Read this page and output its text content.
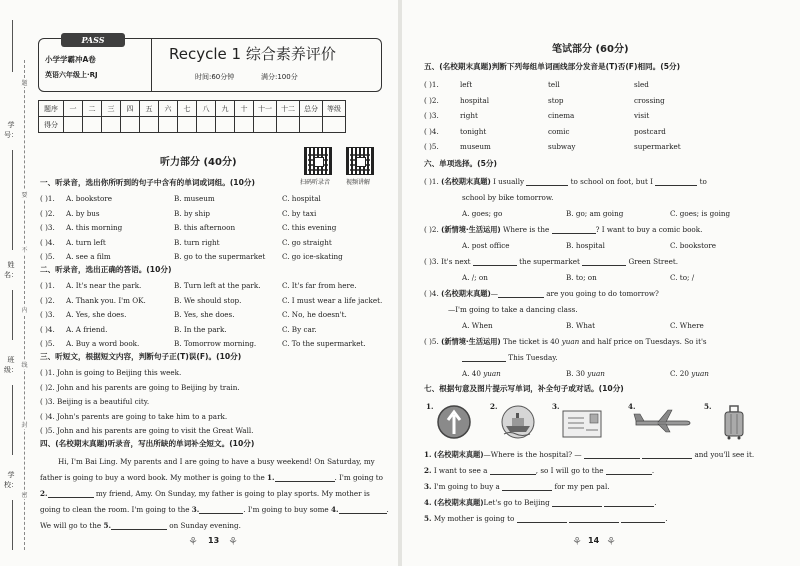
学号：
姓名：
班级：
学校：
题
要
不
内
线
封
密
PASS
小学学霸冲A卷
英语六年级上·RJ
Recycle 1 综合素养评价
时间:60分钟	满分:100分
题序	一	二	三	四	五	六	七	八	九	十	十一	十二	总分	等级
得分														
听力部分 (40分)
扫码听录音	视频讲解
一、听录音，选出你所听到的句子中含有的单词或词组。(10分)
( )1. A. bookstore	B. museum	C. hospital
( )2. A. by bus	B. by ship	C. by taxi
( )3. A. this morning	B. this afternoon	C. this evening
( )4. A. turn left	B. turn right	C. go straight
( )5. A. see a film	B. go to the supermarket C. go ice-skating
二、听录音，选出正确的答语。(10分)
( )1. A. It's near the park.	B. Turn left at the park.	C. It's far from here.
( )2. A. Thank you. I'm OK.	B. We should stop.	C. I must wear a life jacket.
( )3. A. Yes, she does.	B. Yes, she does.	C. No, he doesn't.
( )4. A. A friend.	B. In the park.	C. By car.
( )5. A. Buy a word book.	B. Tomorrow morning.	C. To the supermarket.
三、听短文，根据短文内容，判断句子正(T)误(F)。(10分)
( )1. John is going to Beijing this week.
( )2. John and his parents are going to Beijing by train.
( )3. Beijing is a beautiful city.
( )4. John's parents are going to take him to a park.
( )5. John and his parents are going to visit the Great Wall.
四、(名校期末真题)听录音，写出所缺的单词补全短文。(10分)
Hi, I'm Bai Ling. My parents and I are going to have a busy weekend! On Saturday, my
father is going to buy a word book. My mother is going to the 1.	. I'm going to
2.	my friend, Amy. On Sunday, my father is going to play sports. My mother is
going to clean the room. I'm going to the 3.	. I'm going to buy some 4.	.
We will go to the 5.	on Sunday evening.
⚘ 13 ⚘
笔试部分 (60分)
五、(名校期末真题)判断下列每组单词画线部分发音是(T)否(F)相同。(5分)
( )1.	left	tell	sled
( )2.	hospital	stop	crossing
( )3.	right	cinema	visit
( )4.	tonight	comic	postcard
( )5.	museum	subway	supermarket
六、单项选择。(5分)
( )1. (名校期末真题) I usually	to school on foot, but I	to
school by bike tomorrow.
A. goes; go	B. go; am going	C. goes; is going
( )2. (新情境·生活运用) Where is the	? I want to buy a comic book.
A. post office	B. hospital	C. bookstore
( )3. It's next	the supermarket	Green Street.
A. /; on	B. to; on	C. to; /
( )4. (名校期末真题)—	are you going to do tomorrow?
—I'm going to take a dancing class.
A. When	B. What	C. Where
( )5. (新情境·生活运用) The ticket is 40 yuan and half price on Tuesdays. So it's
This Tuesday.
A. 40 yuan	B. 30 yuan	C. 20 yuan
七、根据句意及图片提示写单词，补全句子或对话。(10分)
1.	2.	3.	4.	5.
1. (名校期末真题)—Where is the hospital? —	and you'll see it.
2. I want to see a	, so I will go to the	.
3. I'm going to buy a	for my pen pal.
4. (名校期末真题)Let's go to Beijing	.
5. My mother is going to	.
⚘ 14 ⚘
